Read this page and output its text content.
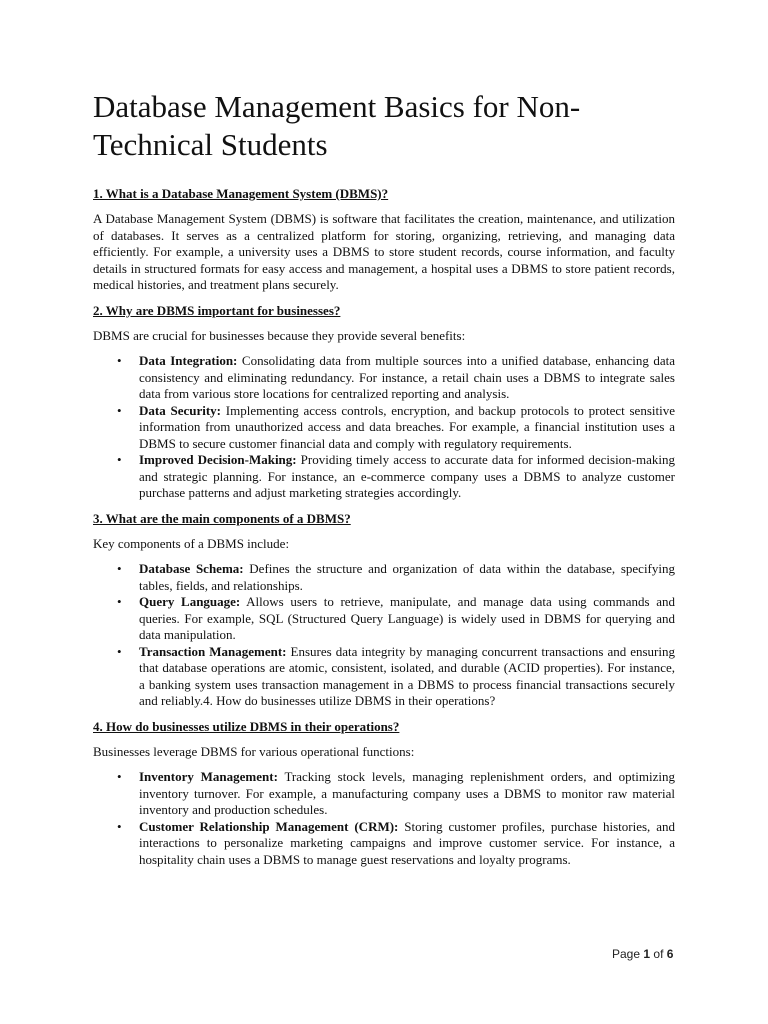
Database Management Basics for Non-Technical Students
1. What is a Database Management System (DBMS)?

A Database Management System (DBMS) is software that facilitates the creation, maintenance, and utilization of databases. It serves as a centralized platform for storing, organizing, retrieving, and managing data efficiently. For example, a university uses a DBMS to store student records, course information, and faculty details in structured formats for easy access and management, a hospital uses a DBMS to store patient records, medical histories, and treatment plans securely.

2. Why are DBMS important for businesses?

DBMS are crucial for businesses because they provide several benefits:

• Data Integration: Consolidating data from multiple sources into a unified database, enhancing data consistency and eliminating redundancy. For instance, a retail chain uses a DBMS to integrate sales data from various store locations for centralized reporting and analysis.
• Data Security: Implementing access controls, encryption, and backup protocols to protect sensitive information from unauthorized access and data breaches. For example, a financial institution uses a DBMS to secure customer financial data and comply with regulatory requirements.
• Improved Decision-Making: Providing timely access to accurate data for informed decision-making and strategic planning. For instance, an e-commerce company uses a DBMS to analyze customer purchase patterns and adjust marketing strategies accordingly.
3. What are the main components of a DBMS?

Key components of a DBMS include:

• Database Schema: Defines the structure and organization of data within the database, specifying tables, fields, and relationships.
• Query Language: Allows users to retrieve, manipulate, and manage data using commands and queries. For example, SQL (Structured Query Language) is widely used in DBMS for querying and data manipulation.
• Transaction Management: Ensures data integrity by managing concurrent transactions and ensuring that database operations are atomic, consistent, isolated, and durable (ACID properties). For instance, a banking system uses transaction management in a DBMS to process financial transactions securely and reliably.4. How do businesses utilize DBMS in their operations?
4. How do businesses utilize DBMS in their operations?

Businesses leverage DBMS for various operational functions:

• Inventory Management: Tracking stock levels, managing replenishment orders, and optimizing inventory turnover. For example, a manufacturing company uses a DBMS to monitor raw material inventory and production schedules.
• Customer Relationship Management (CRM): Storing customer profiles, purchase histories, and interactions to personalize marketing campaigns and improve customer service. For instance, a hospitality chain uses a DBMS to manage guest reservations and loyalty programs.
Page 1 of 6
